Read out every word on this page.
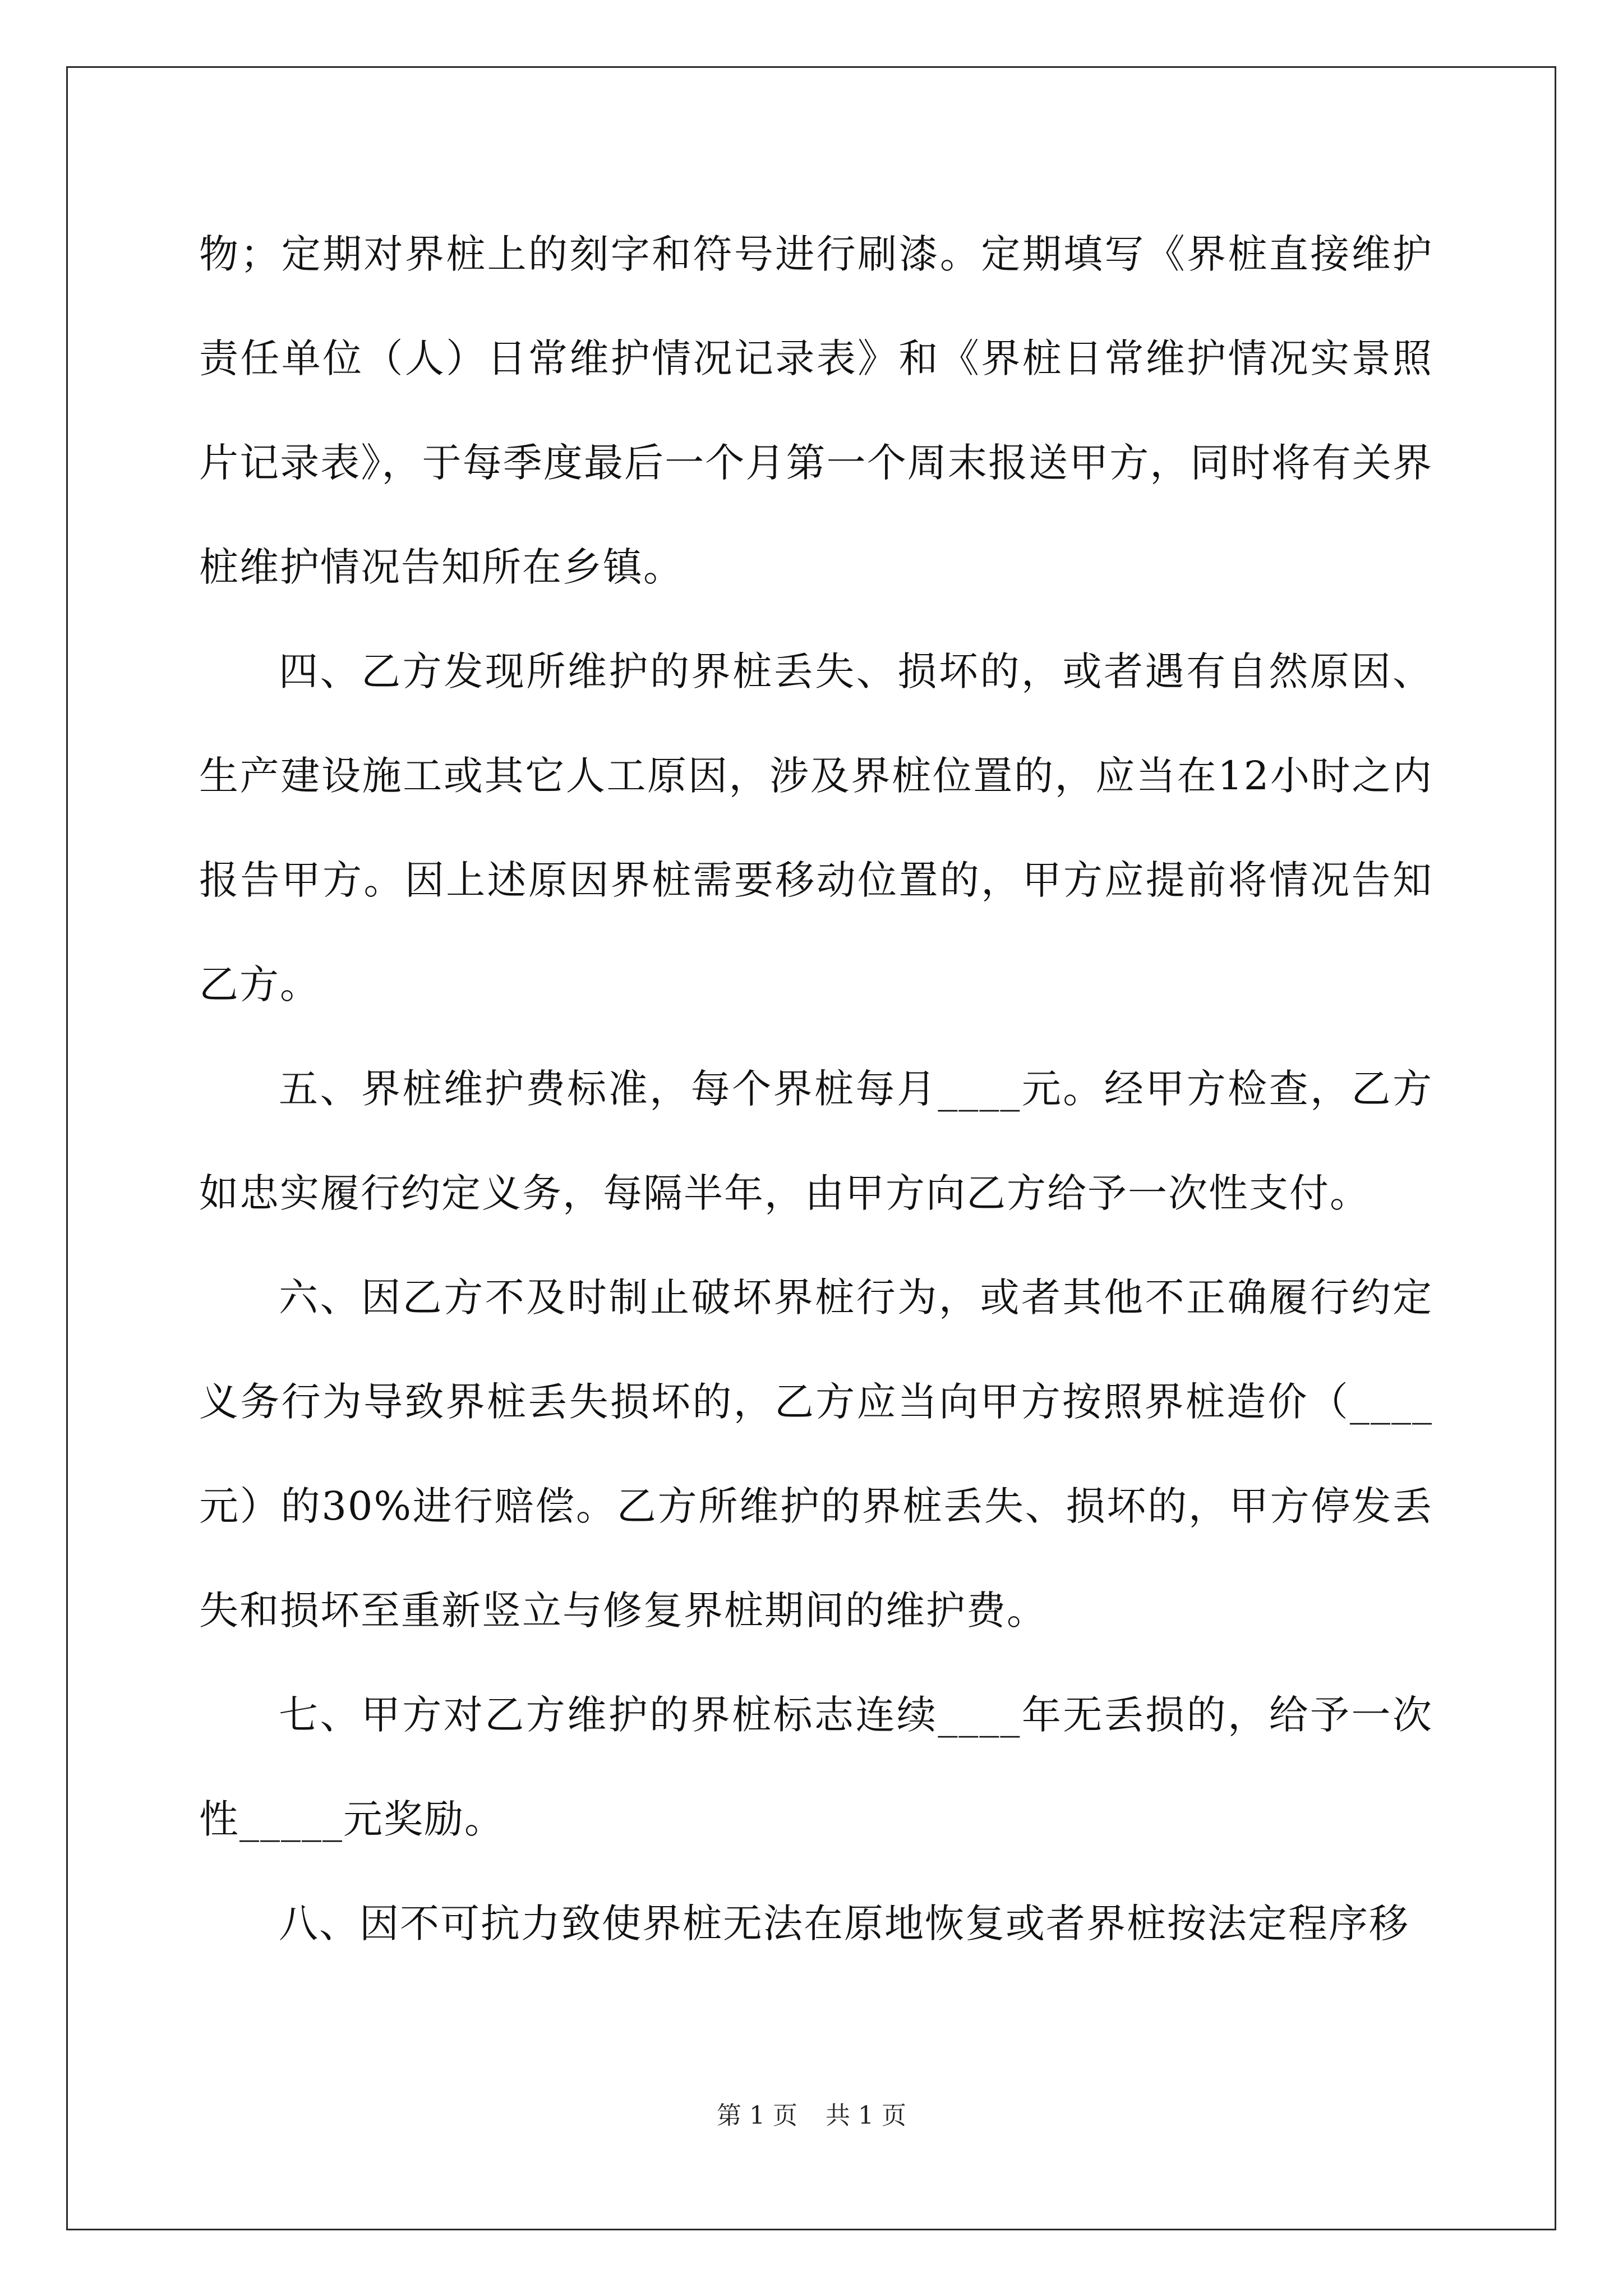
物；定期对界桩上的刻字和符号进行刷漆。定期填写《界桩直接维护责任单位（人）日常维护情况记录表》和《界桩日常维护情况实景照片记录表》，于每季度最后一个月第一个周末报送甲方，同时将有关界桩维护情况告知所在乡镇。

四、乙方发现所维护的界桩丢失、损坏的，或者遇有自然原因、生产建设施工或其它人工原因，涉及界桩位置的，应当在12小时之内报告甲方。因上述原因界桩需要移动位置的，甲方应提前将情况告知乙方。

五、界桩维护费标准，每个界桩每月____元。经甲方检查，乙方如忠实履行约定义务，每隔半年，由甲方向乙方给予一次性支付。

六、因乙方不及时制止破坏界桩行为，或者其他不正确履行约定义务行为导致界桩丢失损坏的，乙方应当向甲方按照界桩造价（____元）的30%进行赔偿。乙方所维护的界桩丢失、损坏的，甲方停发丢失和损坏至重新竖立与修复界桩期间的维护费。

七、甲方对乙方维护的界桩标志连续____年无丢损的，给予一次性_____元奖励。

八、因不可抗力致使界桩无法在原地恢复或者界桩按法定程序移

第 1 页 共 1 页
